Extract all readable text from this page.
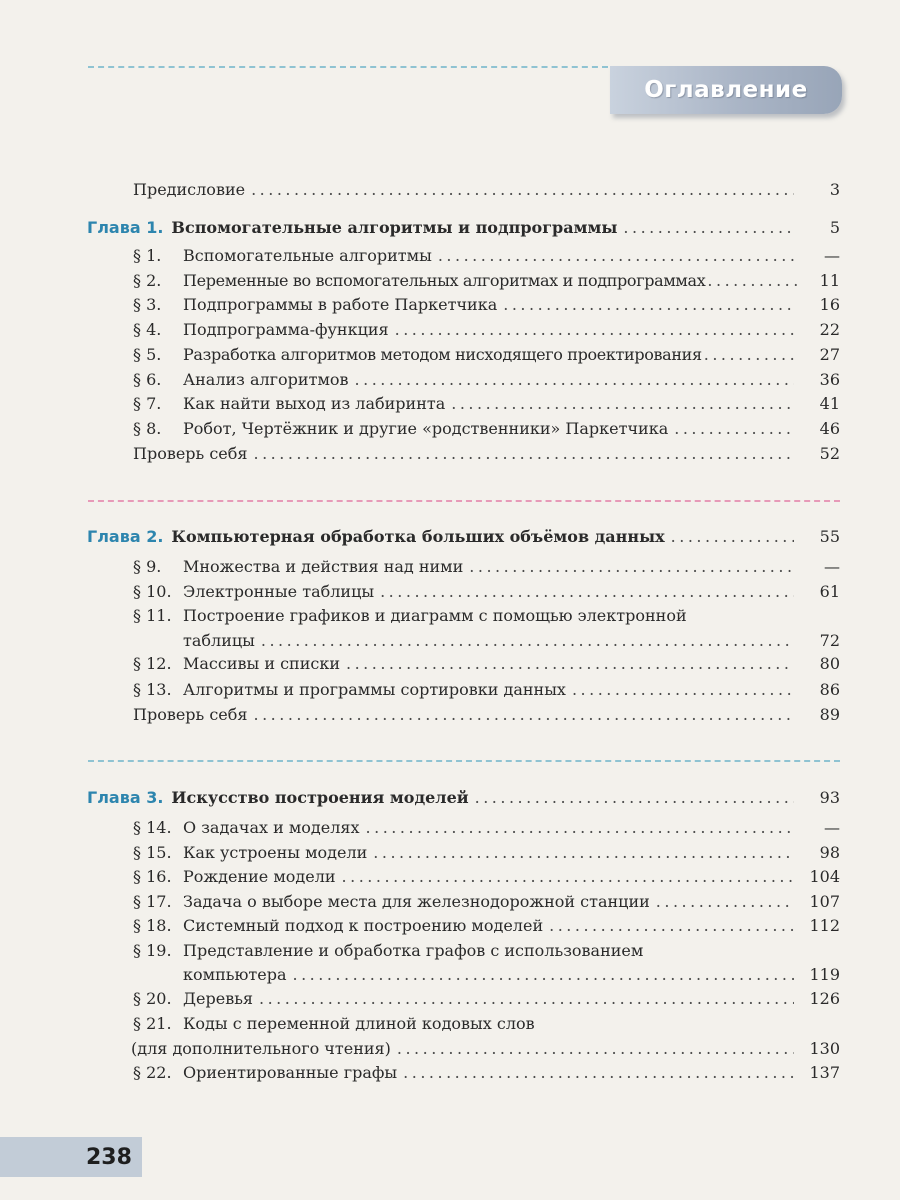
Оглавление
Предисловие .....	3
Глава 1. Вспомогательные алгоритмы и подпрограммы .....	5
§ 1. Вспомогательные алгоритмы .....	—
§ 2. Переменные во вспомогательных алгоритмах и подпрограммах .....	11
§ 3. Подпрограммы в работе Паркетчика .....	16
§ 4. Подпрограмма-функция .....	22
§ 5. Разработка алгоритмов методом нисходящего проектирования .....	27
§ 6. Анализ алгоритмов .....	36
§ 7. Как найти выход из лабиринта .....	41
§ 8. Робот, Чертёжник и другие «родственники» Паркетчика .....	46
Проверь себя .....	52
Глава 2. Компьютерная обработка больших объёмов данных .....	55
§ 9. Множества и действия над ними .....	—
§ 10. Электронные таблицы .....	61
§ 11. Построение графиков и диаграмм с помощью электронной
таблицы .....	72
§ 12. Массивы и списки .....	80
§ 13. Алгоритмы и программы сортировки данных .....	86
Проверь себя .....	89
Глава 3. Искусство построения моделей .....	93
§ 14. О задачах и моделях .....	—
§ 15. Как устроены модели .....	98
§ 16. Рождение модели .....	104
§ 17. Задача о выборе места для железнодорожной станции .....	107
§ 18. Системный подход к построению моделей .....	112
§ 19. Представление и обработка графов с использованием
компьютера .....	119
§ 20. Деревья .....	126
§ 21. Коды с переменной длиной кодовых слов
(для дополнительного чтения) .....	130
§ 22. Ориентированные графы .....	137
238
